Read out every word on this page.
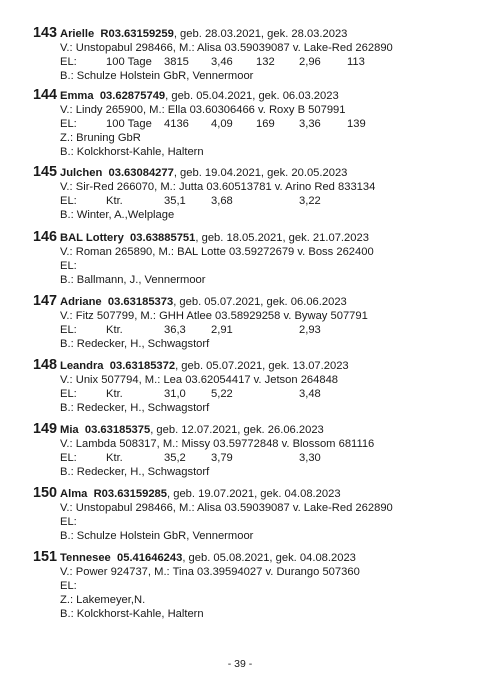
143 Arielle R03.63159259, geb. 28.03.2021, gek. 28.03.2023
V.: Unstopabul 298466, M.: Alisa 03.59039087 v. Lake-Red 262890
EL:	100 Tage 3815 3,46 132 2,96 113
B.: Schulze Holstein GbR, Vennermoor
144 Emma 03.62875749, geb. 05.04.2021, gek. 06.03.2023
V.: Lindy 265900, M.: Ella 03.60306466 v. Roxy B 507991
EL:	100 Tage 4136 4,09 169 3,36 139
Z.: Bruning GbR
B.: Kolckhorst-Kahle, Haltern
145 Julchen 03.63084277, geb. 19.04.2021, gek. 20.05.2023
V.: Sir-Red 266070, M.: Jutta 03.60513781 v. Arino Red 833134
EL:	Ktr.	35,1 3,68	3,22
B.: Winter, A.,Welplage
146 BAL Lottery 03.63885751, geb. 18.05.2021, gek. 21.07.2023
V.: Roman 265890, M.: BAL Lotte 03.59272679 v. Boss 262400
EL:
B.: Ballmann, J., Vennermoor
147 Adriane 03.63185373, geb. 05.07.2021, gek. 06.06.2023
V.: Fitz 507799, M.: GHH Atlee 03.58929258 v. Byway 507791
EL:	Ktr.	36,3 2,91	2,93
B.: Redecker, H., Schwagstorf
148 Leandra 03.63185372, geb. 05.07.2021, gek. 13.07.2023
V.: Unix 507794, M.: Lea 03.62054417 v. Jetson 264848
EL:	Ktr.	31,0 5,22	3,48
B.: Redecker, H., Schwagstorf
149 Mia 03.63185375, geb. 12.07.2021, gek. 26.06.2023
V.: Lambda 508317, M.: Missy 03.59772848 v. Blossom 681116
EL:	Ktr.	35,2 3,79	3,30
B.: Redecker, H., Schwagstorf
150 Alma R03.63159285, geb. 19.07.2021, gek. 04.08.2023
V.: Unstopabul 298466, M.: Alisa 03.59039087 v. Lake-Red 262890
EL:
B.: Schulze Holstein GbR, Vennermoor
151 Tennesee 05.41646243, geb. 05.08.2021, gek. 04.08.2023
V.: Power 924737, M.: Tina 03.39594027 v. Durango 507360
EL:
Z.: Lakemeyer,N.
B.: Kolckhorst-Kahle, Haltern
- 39 -
